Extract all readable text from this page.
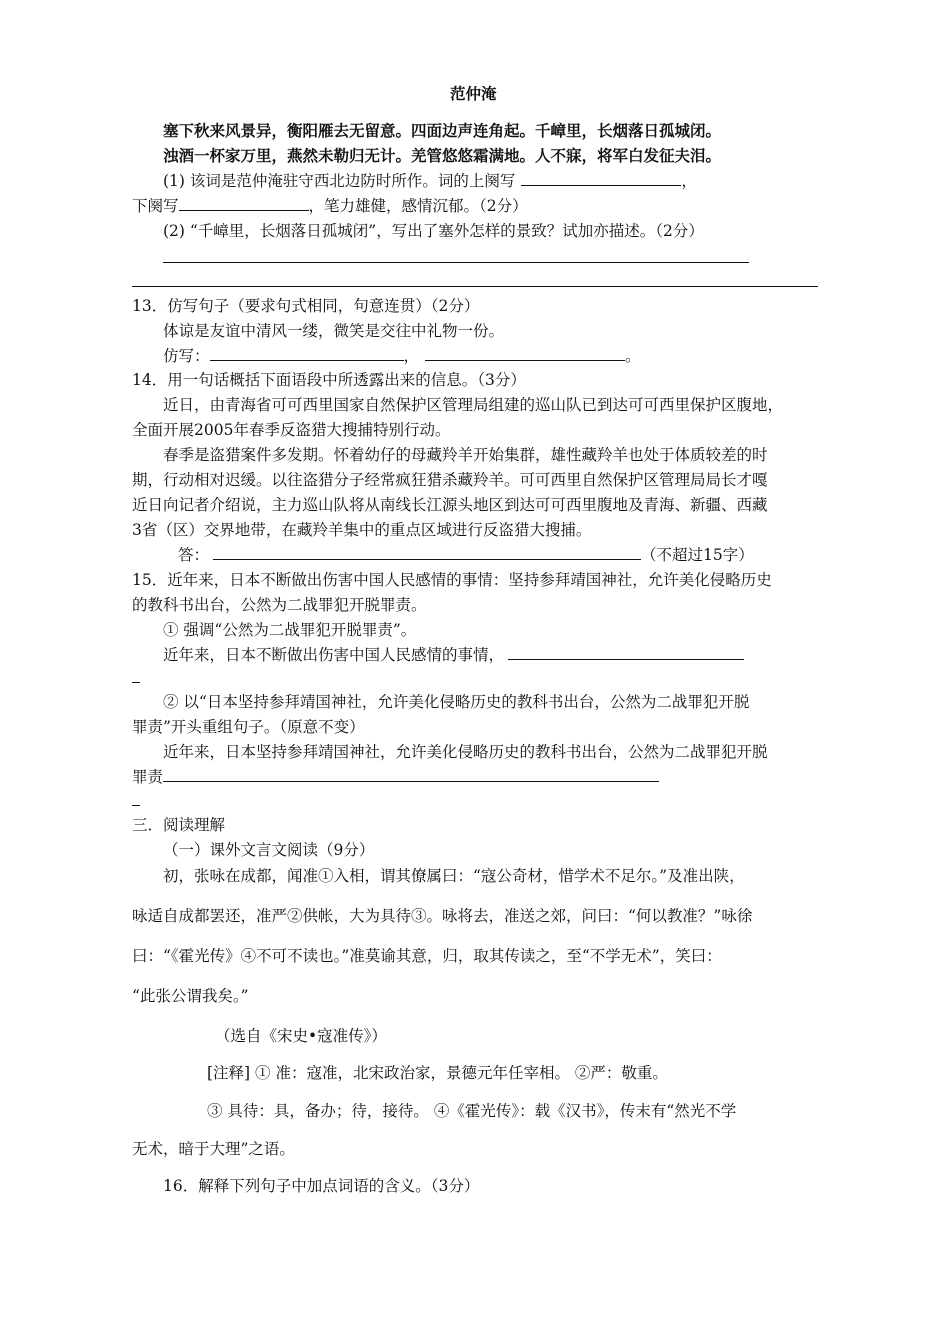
范仲淹
塞下秋来风景异，衡阳雁去无留意。四面边声连角起。千嶂里，长烟落日孤城闭。
浊酒一杯家万里，燕然未勒归无计。羌管悠悠霜满地。人不寐，将军白发征夫泪。
(1) 该词是范仲淹驻守西北边防时所作。词的上阕写	，
下阕写	，笔力雄健，感情沉郁。（2分）
(2) “千嶂里，长烟落日孤城闭”，写出了塞外怎样的景致？试加亦描述。（2分）
13．仿写句子（要求句式相同，句意连贯）（2分）
体谅是友谊中清风一缕，微笑是交往中礼物一份。
仿写：	，	。
14．用一句话概括下面语段中所透露出来的信息。（3分）
近日，由青海省可可西里国家自然保护区管理局组建的巡山队已到达可可西里保护区腹地，
全面开展2005年春季反盗猎大搜捕特别行动。
春季是盗猎案件多发期。怀着幼仔的母藏羚羊开始集群，雄性藏羚羊也处于体质较差的时
期，行动相对迟缓。以往盗猎分子经常疯狂猎杀藏羚羊。可可西里自然保护区管理局局长才嘎
近日向记者介绍说，主力巡山队将从南线长江源头地区到达可可西里腹地及青海、新疆、西藏
3省（区）交界地带，在藏羚羊集中的重点区域进行反盗猎大搜捕。
答：	（不超过15字）
15．近年来，日本不断做出伤害中国人民感情的事情：坚持参拜靖国神社，允许美化侵略历史
的教科书出台，公然为二战罪犯开脱罪责。
① 强调“公然为二战罪犯开脱罪责”。
近年来，日本不断做出伤害中国人民感情的事情，
② 以“日本坚持参拜靖国神社，允许美化侵略历史的教科书出台，公然为二战罪犯开脱
罪责”开头重组句子。（原意不变）
近年来，日本坚持参拜靖国神社，允许美化侵略历史的教科书出台，公然为二战罪犯开脱
罪责
三．阅读理解
（一）课外文言文阅读（9分）
初，张咏在成都，闻准①入相，谓其僚属曰：“寇公奇材，惜学术不足尔。”及准出陕，
咏适自成都罢还，准严②供帐，大为具待③。咏将去，准送之郊，问曰：“何以教准？”咏徐
曰：“《霍光传》④不可不读也。”准莫谕其意，归，取其传读之，至“不学无术”，笑曰：
“此张公谓我矣。”
（选自《宋史•寇准传》）
[注释] ① 准：寇准，北宋政治家，景德元年任宰相。 ②严：敬重。
③ 具待：具，备办；待，接待。 ④《霍光传》：载《汉书》，传末有“然光不学
无术，暗于大理”之语。
16．解释下列句子中加点词语的含义。（3分）
